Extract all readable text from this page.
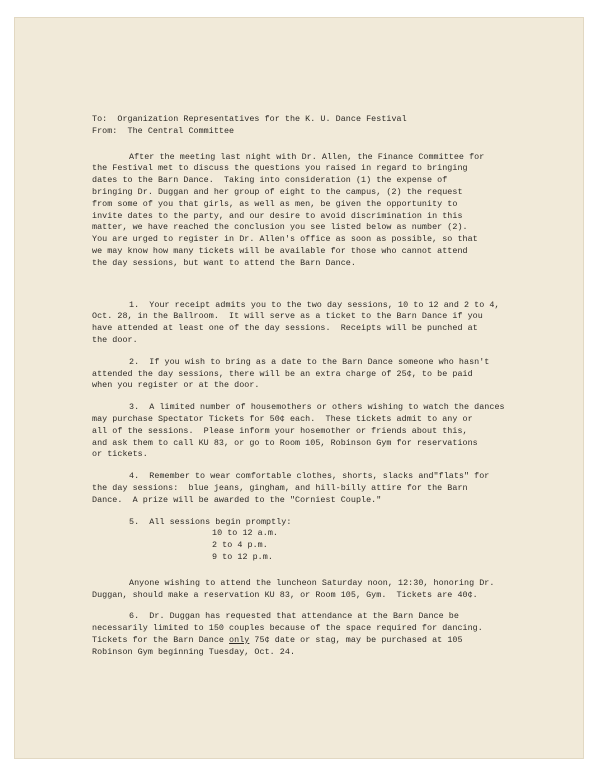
To:  Organization Representatives for the K. U. Dance Festival
From:  The Central Committee
After the meeting last night with Dr. Allen, the Finance Committee for
the Festival met to discuss the questions you raised in regard to bringing
dates to the Barn Dance.  Taking into consideration (1) the expense of
bringing Dr. Duggan and her group of eight to the campus, (2) the request
from some of you that girls, as well as men, be given the opportunity to
invite dates to the party, and our desire to avoid discrimination in this
matter, we have reached the conclusion you see listed below as number (2).
You are urged to register in Dr. Allen's office as soon as possible, so that
we may know how many tickets will be available for those who cannot attend
the day sessions, but want to attend the Barn Dance.
1.  Your receipt admits you to the two day sessions, 10 to 12 and 2 to 4,
Oct. 28, in the Ballroom.  It will serve as a ticket to the Barn Dance if you
have attended at least one of the day sessions.  Receipts will be punched at
the door.
2.  If you wish to bring as a date to the Barn Dance someone who hasn't
attended the day sessions, there will be an extra charge of 25¢, to be paid
when you register or at the door.
3.  A limited number of housemothers or others wishing to watch the dances
may purchase Spectator Tickets for 50¢ each.  These tickets admit to any or
all of the sessions.  Please inform your hosemother or friends about this,
and ask them to call KU 83, or go to Room 105, Robinson Gym for reservations
or tickets.
4.  Remember to wear comfortable clothes, shorts, slacks and"flats" for
the day sessions:  blue jeans, gingham, and hill-billy attire for the Barn
Dance.  A prize will be awarded to the "Corniest Couple."
5.  All sessions begin promptly:
10 to 12 a.m.
2 to 4 p.m.
9 to 12 p.m.
Anyone wishing to attend the luncheon Saturday noon, 12:30, honoring Dr.
Duggan, should make a reservation KU 83, or Room 105, Gym.  Tickets are 40¢.
6.  Dr. Duggan has requested that attendance at the Barn Dance be
necessarily limited to 150 couples because of the space required for dancing.
Tickets for the Barn Dance only 75¢ date or stag, may be purchased at 105
Robinson Gym beginning Tuesday, Oct. 24.
